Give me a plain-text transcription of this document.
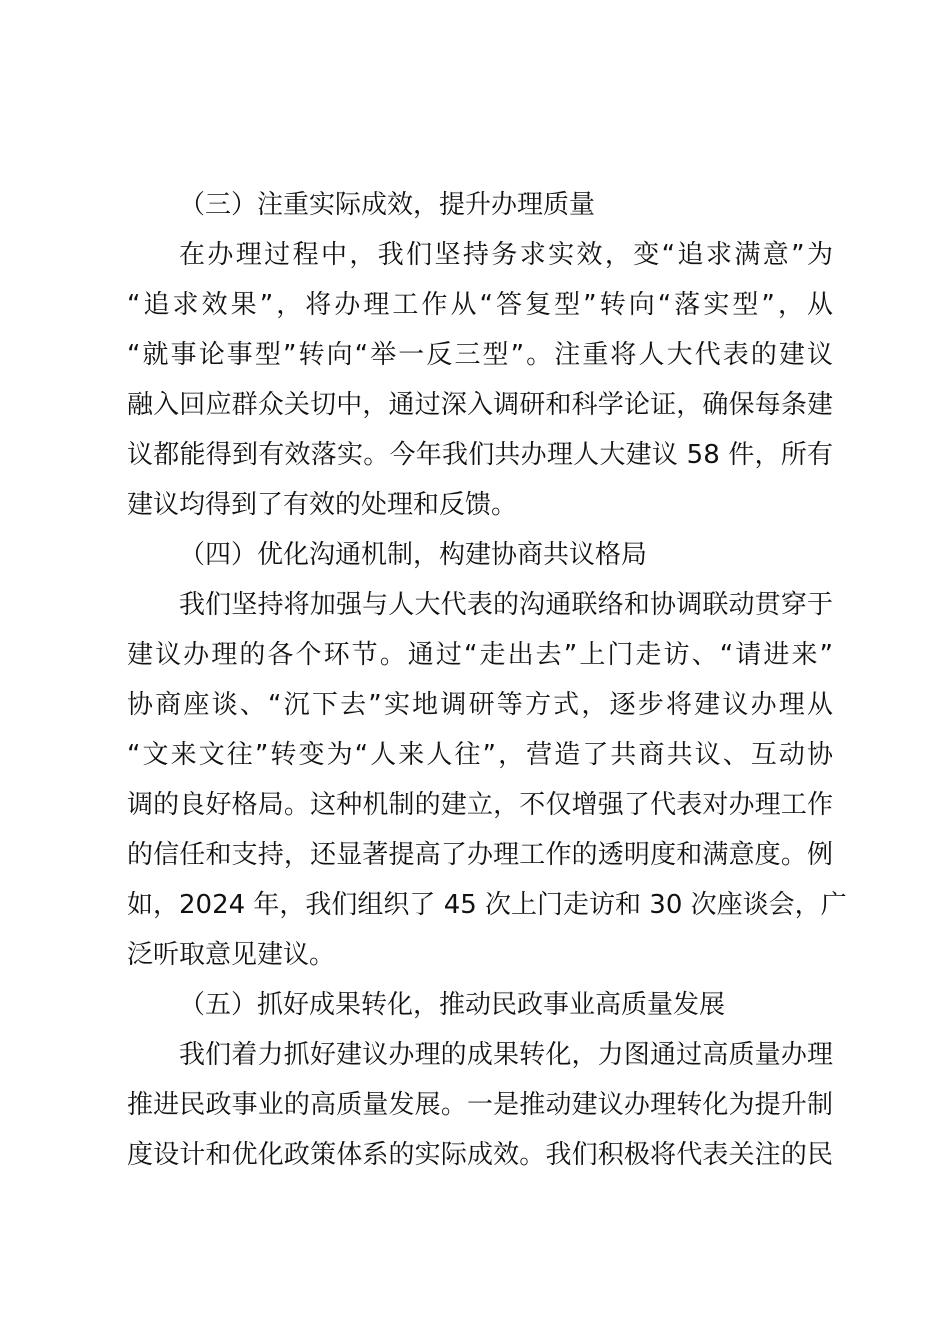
（三）注重实际成效，提升办理质量
在办理过程中，我们坚持务求实效，变“追求满意”为
“追求效果”，将办理工作从“答复型”转向“落实型”，从
“就事论事型”转向“举一反三型”。注重将人大代表的建议
融入回应群众关切中，通过深入调研和科学论证，确保每条建
议都能得到有效落实。今年我们共办理人大建议 58 件，所有
建议均得到了有效的处理和反馈。
（四）优化沟通机制，构建协商共议格局
我们坚持将加强与人大代表的沟通联络和协调联动贯穿于
建议办理的各个环节。通过“走出去”上门走访、“请进来”
协商座谈、“沉下去”实地调研等方式，逐步将建议办理从
“文来文往”转变为“人来人往”，营造了共商共议、互动协
调的良好格局。这种机制的建立，不仅增强了代表对办理工作
的信任和支持，还显著提高了办理工作的透明度和满意度。例
如，2024 年，我们组织了 45 次上门走访和 30 次座谈会，广
泛听取意见建议。
（五）抓好成果转化，推动民政事业高质量发展
我们着力抓好建议办理的成果转化，力图通过高质量办理
推进民政事业的高质量发展。一是推动建议办理转化为提升制
度设计和优化政策体系的实际成效。我们积极将代表关注的民
